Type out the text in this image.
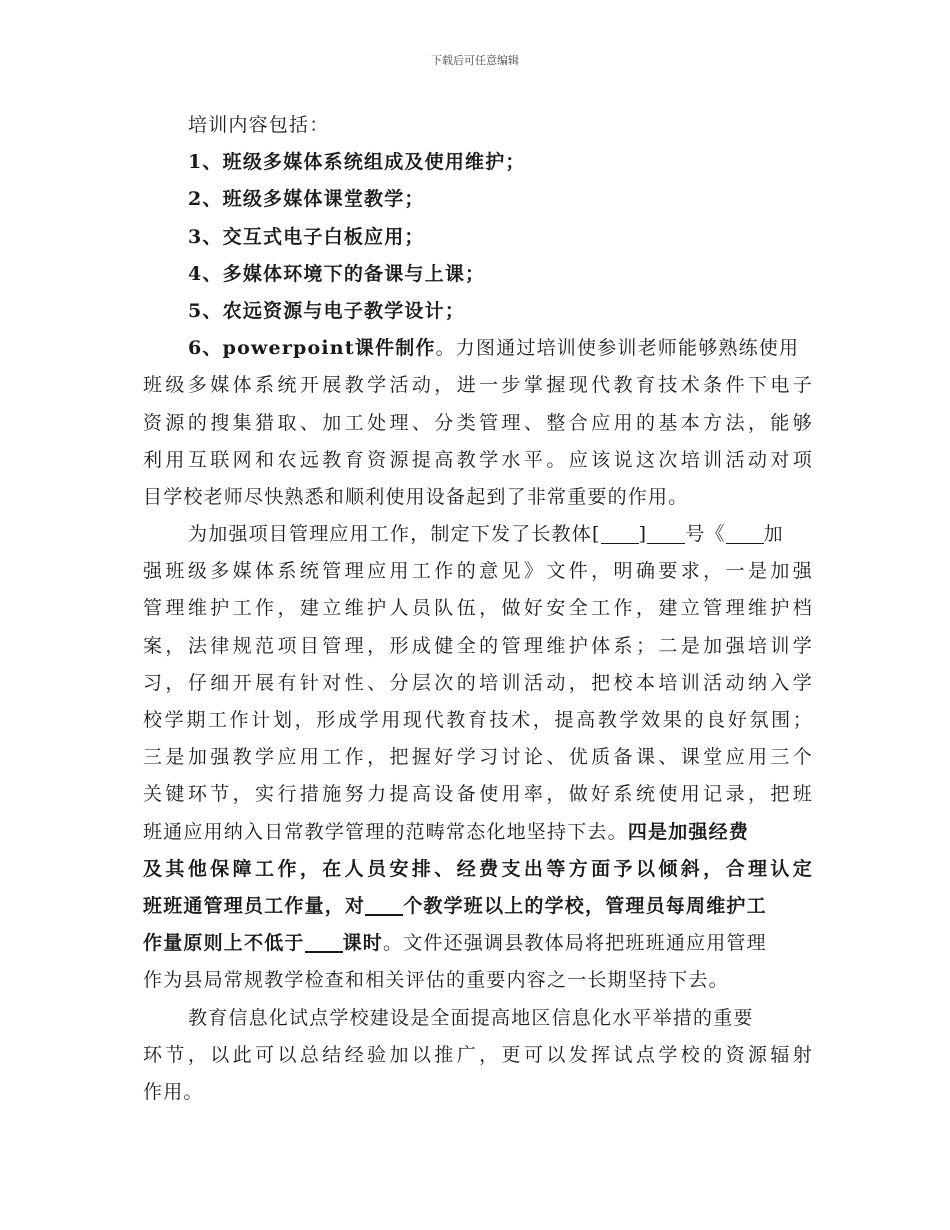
下载后可任意编辑
培训内容包括：
1、班级多媒体系统组成及使用维护；
2、班级多媒体课堂教学；
3、交互式电子白板应用；
4、多媒体环境下的备课与上课；
5、农远资源与电子教学设计；
6、powerpoint课件制作。力图通过培训使参训老师能够熟练使用
班级多媒体系统开展教学活动，进一步掌握现代教育技术条件下电子
资源的搜集猎取、加工处理、分类管理、整合应用的基本方法，能够
利用互联网和农远教育资源提高教学水平。应该说这次培训活动对项
目学校老师尽快熟悉和顺利使用设备起到了非常重要的作用。
为加强项目管理应用工作，制定下发了长教体[ ] 号《 加
强班级多媒体系统管理应用工作的意见》文件，明确要求，一是加强
管理维护工作，建立维护人员队伍，做好安全工作，建立管理维护档
案，法律规范项目管理，形成健全的管理维护体系；二是加强培训学
习，仔细开展有针对性、分层次的培训活动，把校本培训活动纳入学
校学期工作计划，形成学用现代教育技术，提高教学效果的良好氛围；
三是加强教学应用工作，把握好学习讨论、优质备课、课堂应用三个
关键环节，实行措施努力提高设备使用率，做好系统使用记录，把班
班通应用纳入日常教学管理的范畴常态化地坚持下去。四是加强经费
及其他保障工作，在人员安排、经费支出等方面予以倾斜，合理认定
班班通管理员工作量，对 个教学班以上的学校，管理员每周维护工
作量原则上不低于 课时。文件还强调县教体局将把班班通应用管理
作为县局常规教学检查和相关评估的重要内容之一长期坚持下去。
教育信息化试点学校建设是全面提高地区信息化水平举措的重要
环节，以此可以总结经验加以推广，更可以发挥试点学校的资源辐射
作用。
